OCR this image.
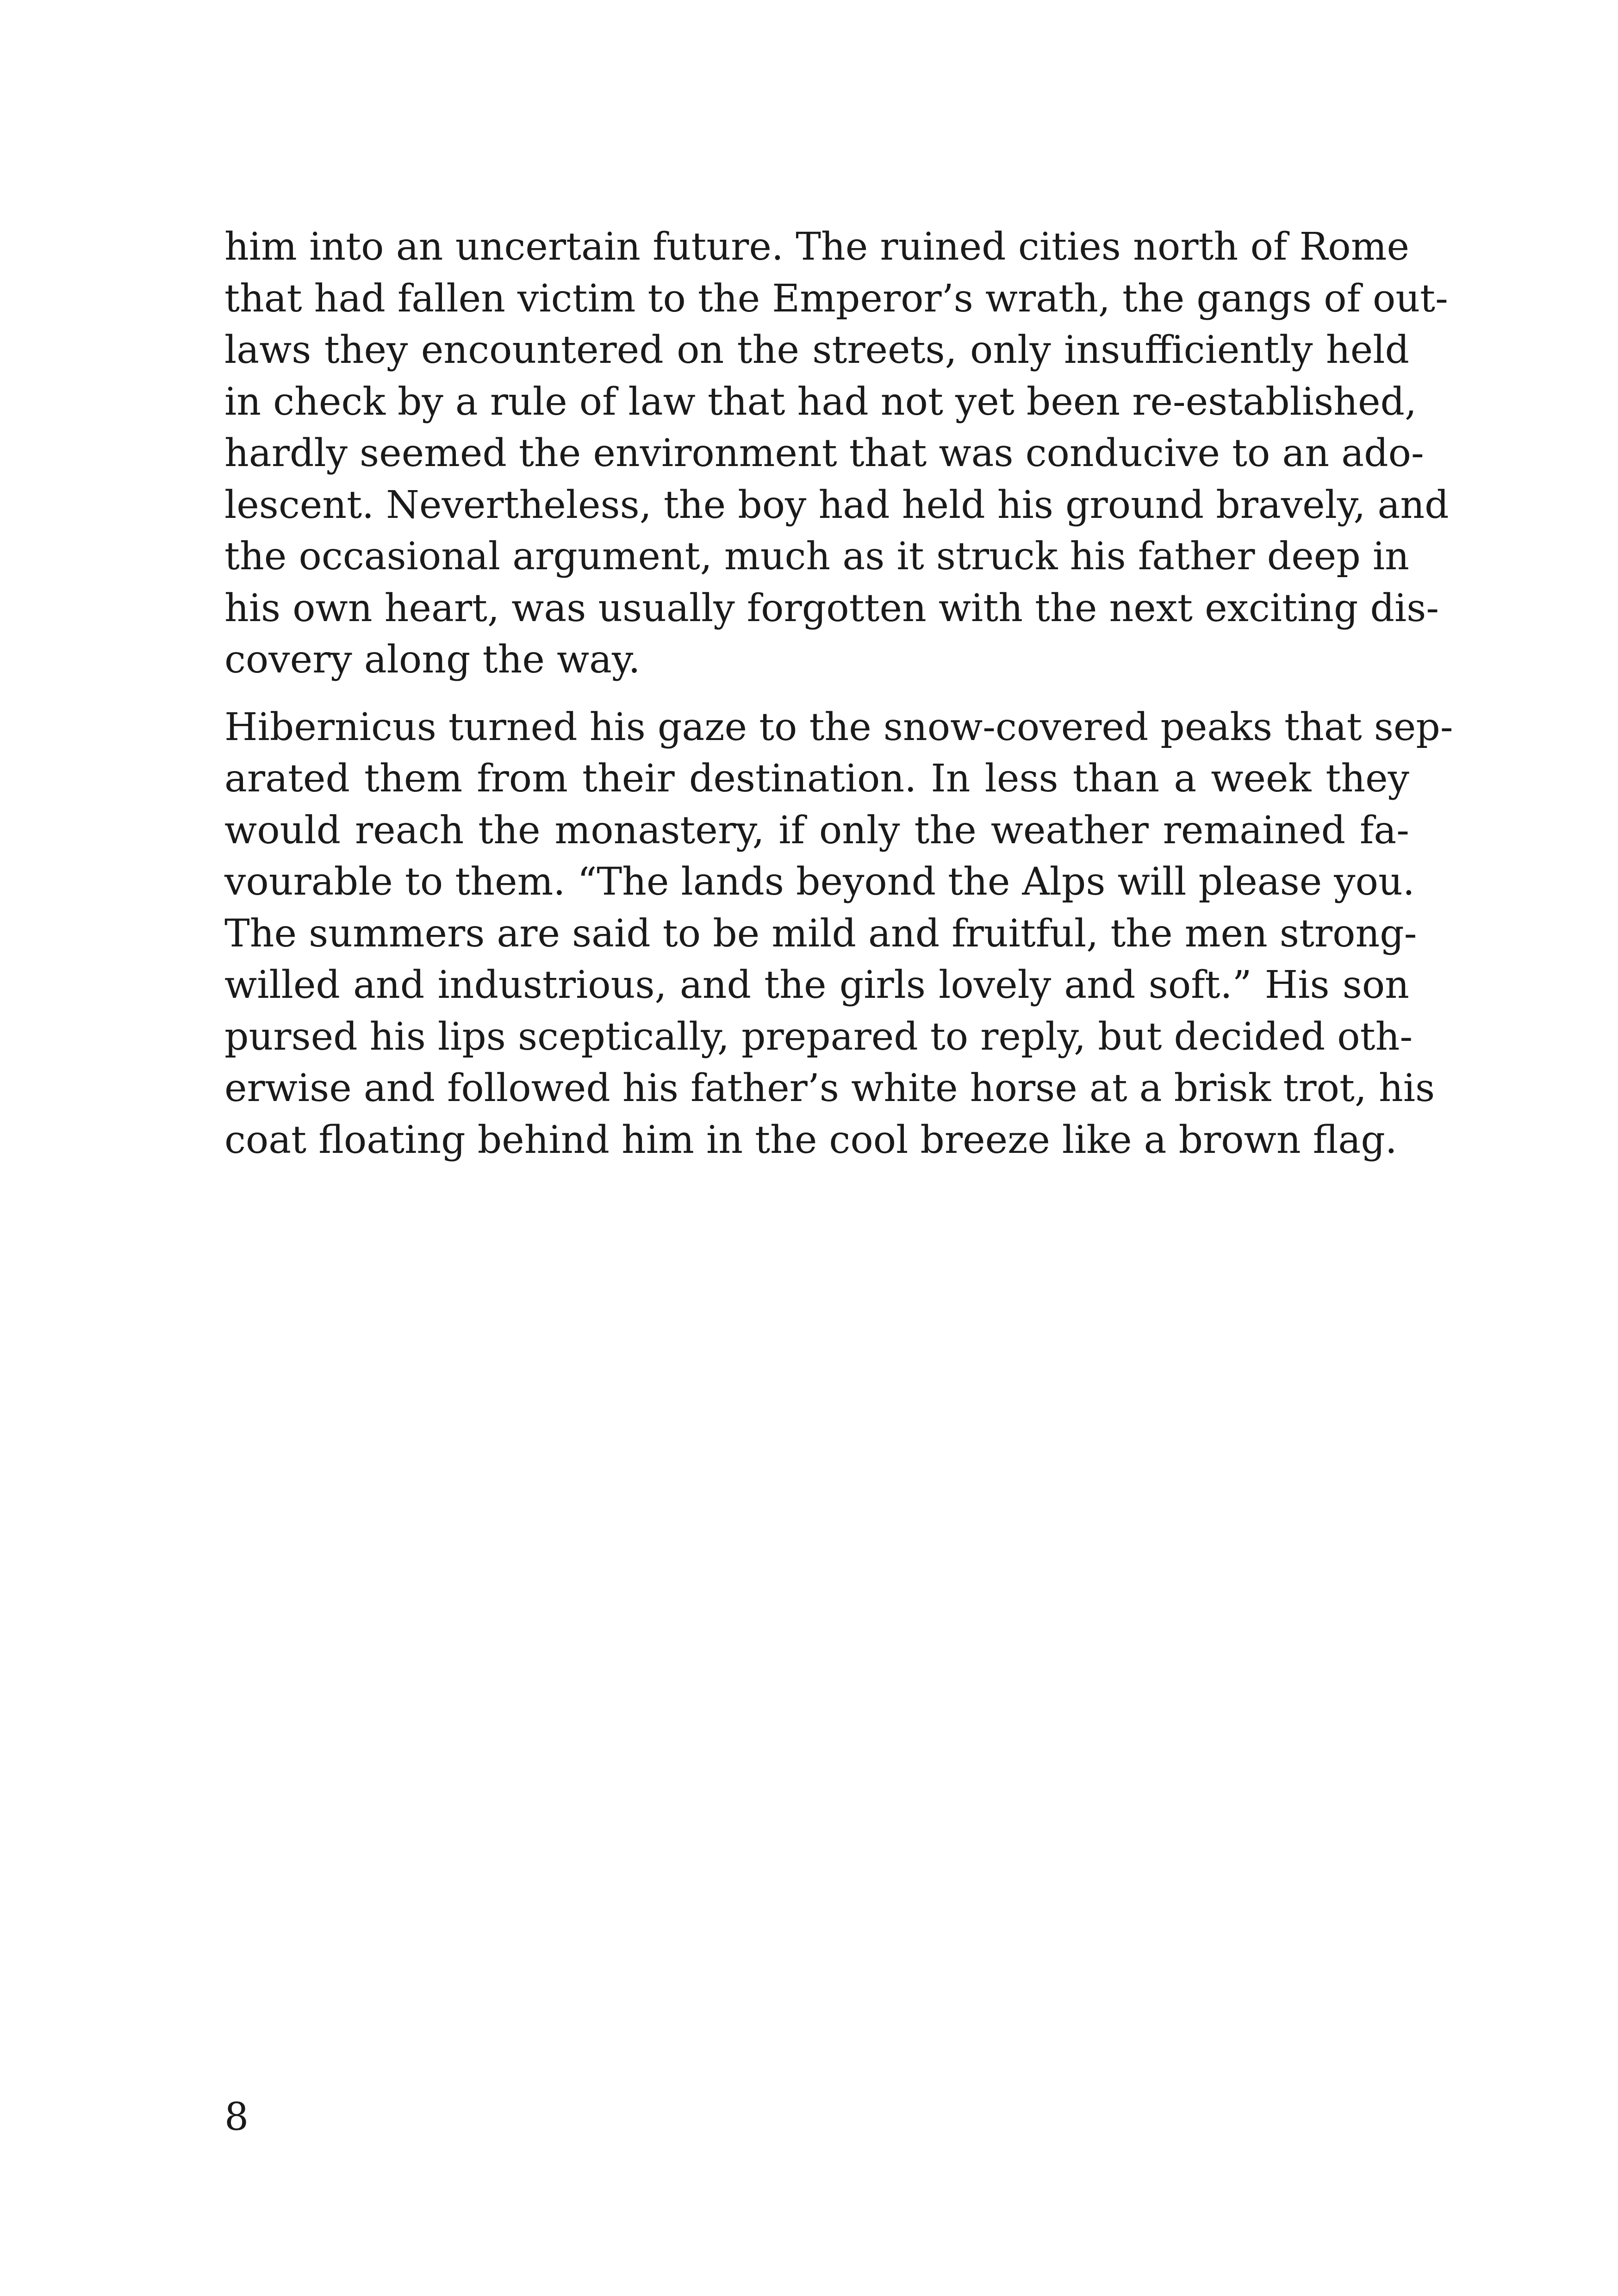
him into an uncertain future. The ruined cities north of Rome
that had fallen victim to the Emperor’s wrath, the gangs of out-
laws they encountered on the streets, only insufficiently held
in check by a rule of law that had not yet been re-established,
hardly seemed the environment that was conducive to an ado-
lescent. Nevertheless, the boy had held his ground bravely, and
the occasional argument, much as it struck his father deep in
his own heart, was usually forgotten with the next exciting dis-
covery along the way.
Hibernicus turned his gaze to the snow-covered peaks that sep-
arated them from their destination. In less than a week they
would reach the monastery, if only the weather remained fa-
vourable to them. “The lands beyond the Alps will please you.
The summers are said to be mild and fruitful, the men strong-
willed and industrious, and the girls lovely and soft.” His son
pursed his lips sceptically, prepared to reply, but decided oth-
erwise and followed his father’s white horse at a brisk trot, his
coat floating behind him in the cool breeze like a brown flag.
8
